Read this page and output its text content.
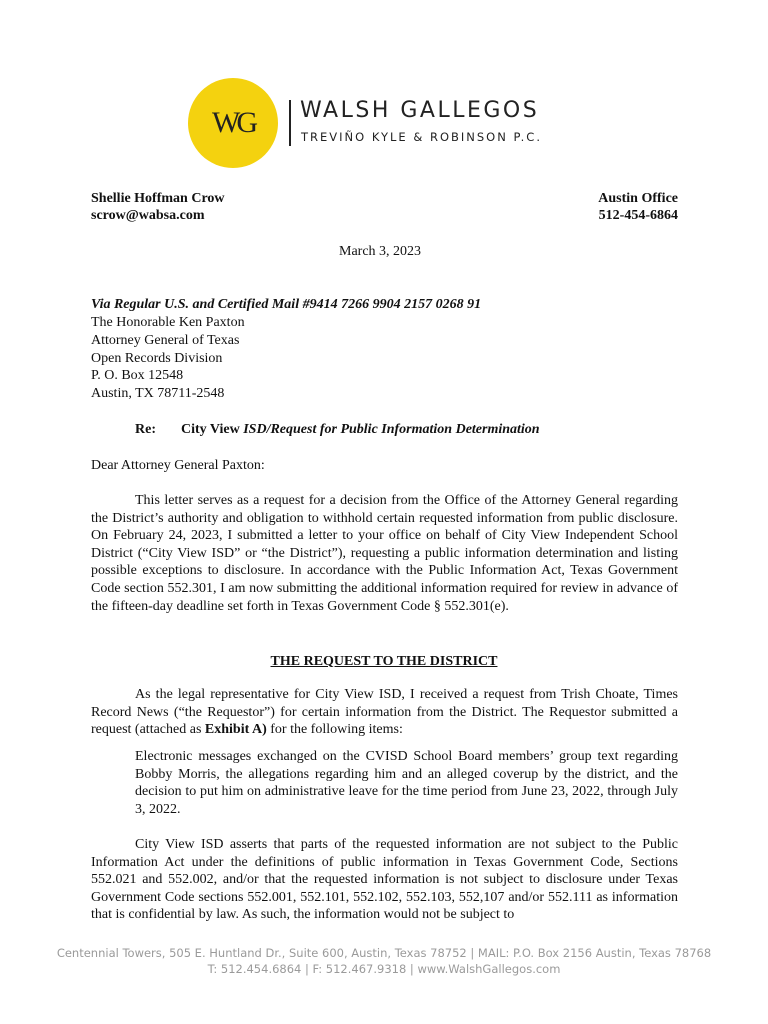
WG WALSH GALLEGOS
TREVIÑO KYLE & ROBINSON P.C.
Shellie Hoffman Crow
scrow@wabsa.com
Austin Office
512-454-6864
March 3, 2023
Via Regular U.S. and Certified Mail #9414 7266 9904 2157 0268 91
The Honorable Ken Paxton
Attorney General of Texas
Open Records Division
P. O. Box 12548
Austin, TX 78711-2548
Re: City View ISD/Request for Public Information Determination
Dear Attorney General Paxton:
This letter serves as a request for a decision from the Office of the Attorney General regarding the District’s authority and obligation to withhold certain requested information from public disclosure. On February 24, 2023, I submitted a letter to your office on behalf of City View Independent School District (“City View ISD” or “the District”), requesting a public information determination and listing possible exceptions to disclosure. In accordance with the Public Information Act, Texas Government Code section 552.301, I am now submitting the additional information required for review in advance of the fifteen-day deadline set forth in Texas Government Code § 552.301(e).
THE REQUEST TO THE DISTRICT
As the legal representative for City View ISD, I received a request from Trish Choate, Times Record News (“the Requestor”) for certain information from the District. The Requestor submitted a request (attached as Exhibit A) for the following items:
Electronic messages exchanged on the CVISD School Board members’ group text regarding Bobby Morris, the allegations regarding him and an alleged coverup by the district, and the decision to put him on administrative leave for the time period from June 23, 2022, through July 3, 2022.
City View ISD asserts that parts of the requested information are not subject to the Public Information Act under the definitions of public information in Texas Government Code, Sections 552.021 and 552.002, and/or that the requested information is not subject to disclosure under Texas Government Code sections 552.001, 552.101, 552.102, 552.103, 552,107 and/or 552.111 as information that is confidential by law. As such, the information would not be subject to
Centennial Towers, 505 E. Huntland Dr., Suite 600, Austin, Texas 78752 | MAIL: P.O. Box 2156 Austin, Texas 78768
T: 512.454.6864 | F: 512.467.9318 | www.WalshGallegos.com
